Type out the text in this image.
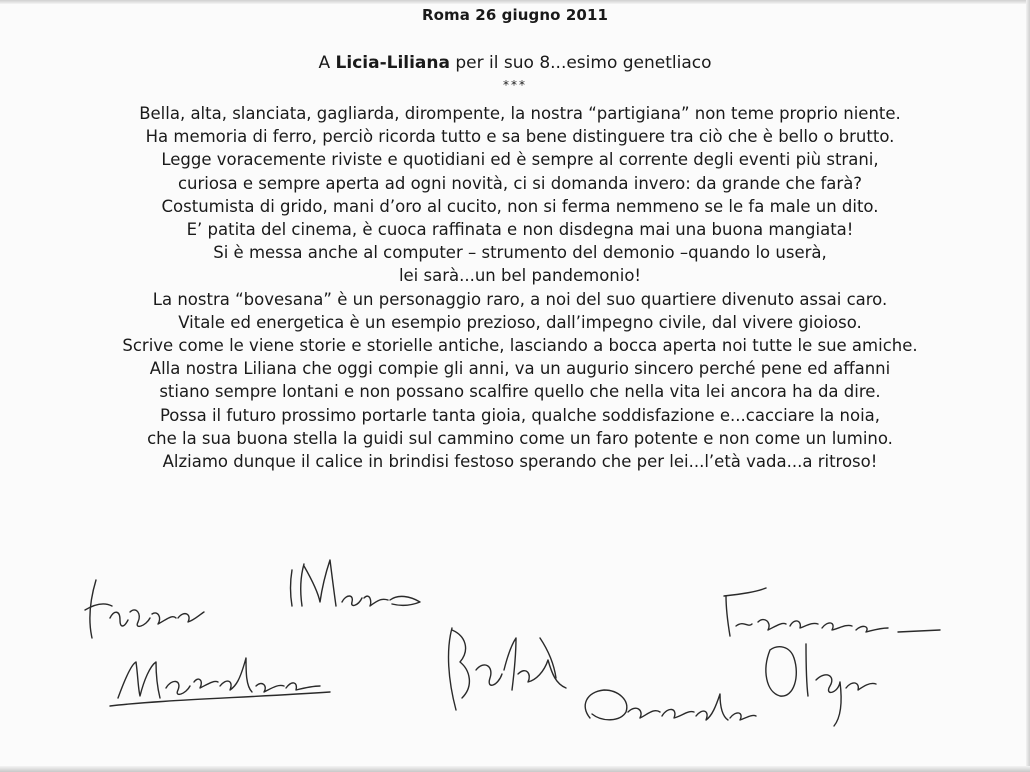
Roma 26 giugno 2011
A Licia-Liliana per il suo 8...esimo genetliaco
***
Bella, alta, slanciata, gagliarda, dirompente, la nostra “partigiana” non teme proprio niente.
Ha memoria di ferro, perciò ricorda tutto e sa bene distinguere tra ciò che è bello o brutto.
Legge voracemente riviste e quotidiani ed è sempre al corrente degli eventi più strani,
curiosa e sempre aperta ad ogni novità, ci si domanda invero: da grande che farà?
Costumista di grido, mani d’oro al cucito, non si ferma nemmeno se le fa male un dito.
E’ patita del cinema, è cuoca raffinata e non disdegna mai una buona mangiata!
Si è messa anche al computer – strumento del demonio –quando lo userà,
lei sarà...un bel pandemonio!
La nostra “bovesana” è un personaggio raro, a noi del suo quartiere divenuto assai caro.
Vitale ed energetica è un esempio prezioso, dall’impegno civile, dal vivere gioioso.
Scrive come le viene storie e storielle antiche, lasciando a bocca aperta noi tutte le sue amiche.
Alla nostra Liliana che oggi compie gli anni, va un augurio sincero perché pene ed affanni
stiano sempre lontani e non possano scalfire quello che nella vita lei ancora ha da dire.
Possa il futuro prossimo portarle tanta gioia, qualche soddisfazione e...cacciare la noia,
che la sua buona stella la guidi sul cammino come un faro potente e non come un lumino.
Alziamo dunque il calice in brindisi festoso sperando che per lei...l’età vada...a ritroso!
